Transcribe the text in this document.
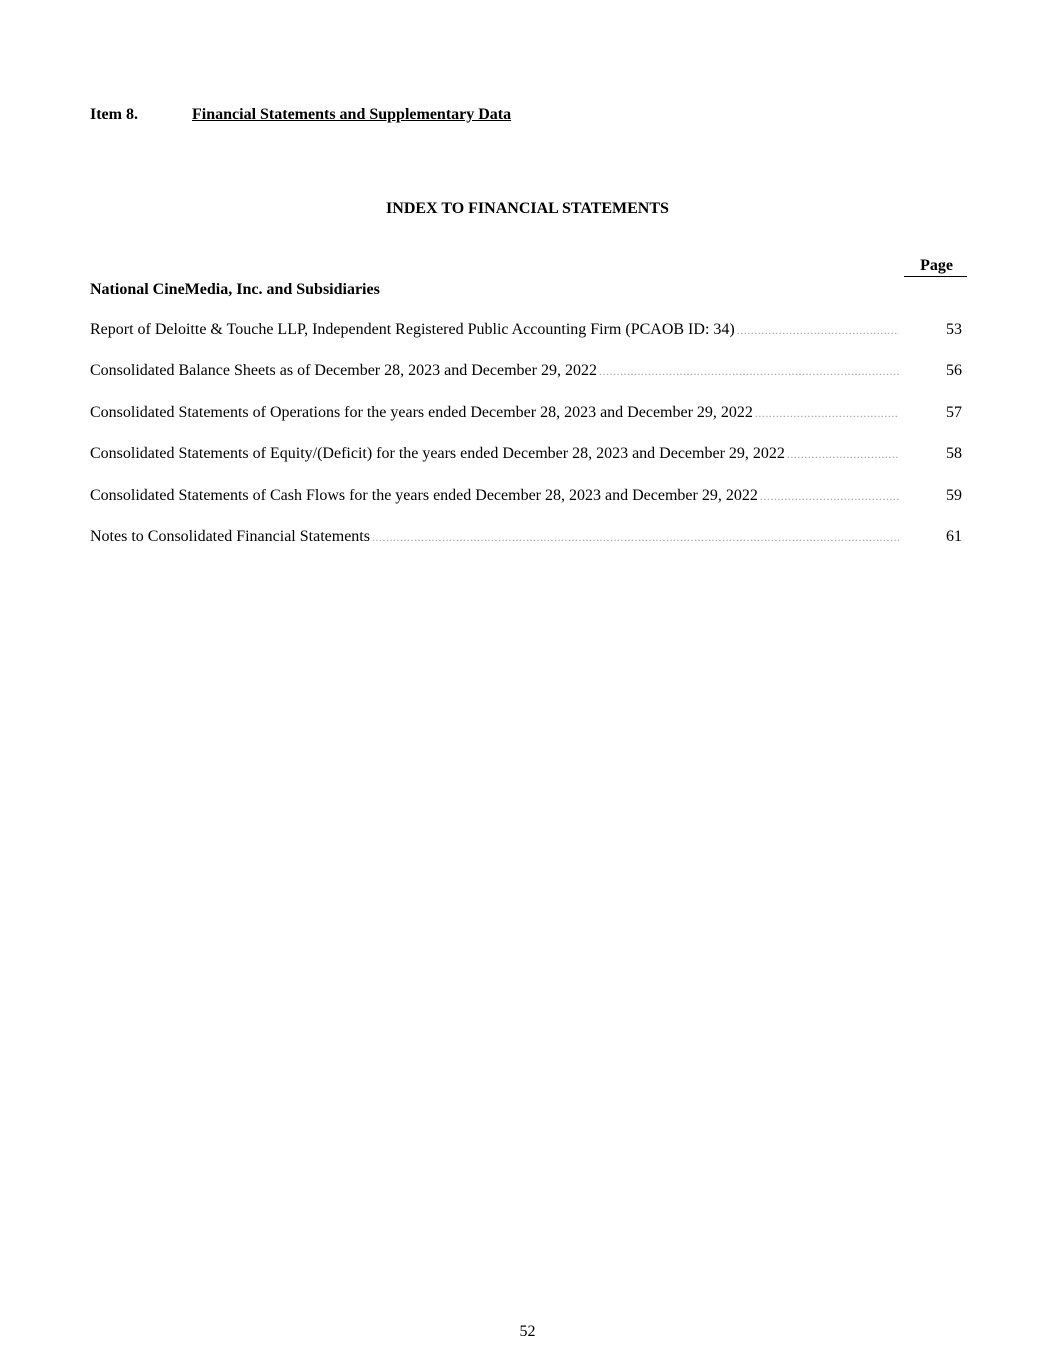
Item 8.	Financial Statements and Supplementary Data
INDEX TO FINANCIAL STATEMENTS
Page
National CineMedia, Inc. and Subsidiaries
Report of Deloitte & Touche LLP, Independent Registered Public Accounting Firm (PCAOB ID: 34) .....	53
Consolidated Balance Sheets as of December 28, 2023 and December 29, 2022 .....	56
Consolidated Statements of Operations for the years ended December 28, 2023 and December 29, 2022 .....	57
Consolidated Statements of Equity/(Deficit) for the years ended December 28, 2023 and December 29, 2022 .....	58
Consolidated Statements of Cash Flows for the years ended December 28, 2023 and December 29, 2022 .....	59
Notes to Consolidated Financial Statements .....	61
52
